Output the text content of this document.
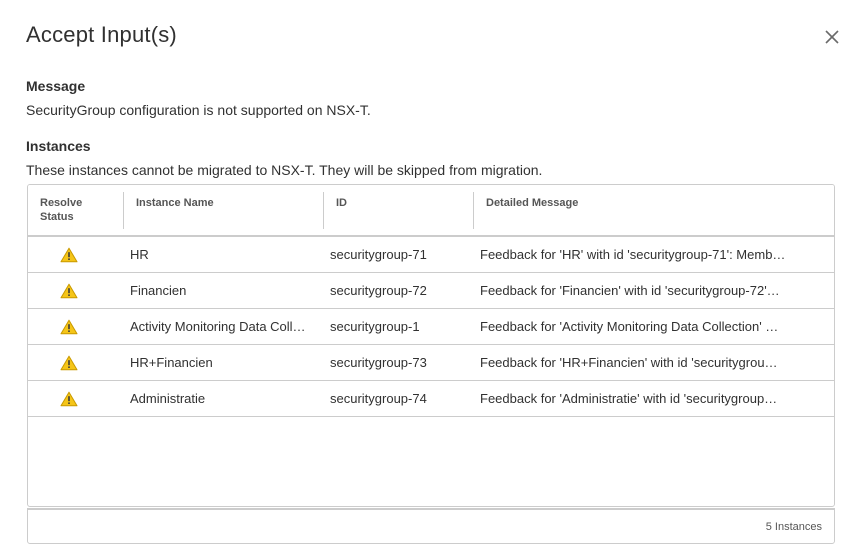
Accept Input(s)
Message
SecurityGroup configuration is not supported on NSX-T.
Instances
These instances cannot be migrated to NSX-T. They will be skipped from migration.
Resolve
Status
Instance Name	ID	Detailed Message
HR	securitygroup-71	Feedback for 'HR' with id 'securitygroup-71': Memb…
Financien	securitygroup-72	Feedback for 'Financien' with id 'securitygroup-72'…
Activity Monitoring Data Coll…	securitygroup-1	Feedback for 'Activity Monitoring Data Collection' …
HR+Financien	securitygroup-73	Feedback for 'HR+Financien' with id 'securitygrou…
Administratie	securitygroup-74	Feedback for 'Administratie' with id 'securitygroup…
5 Instances
